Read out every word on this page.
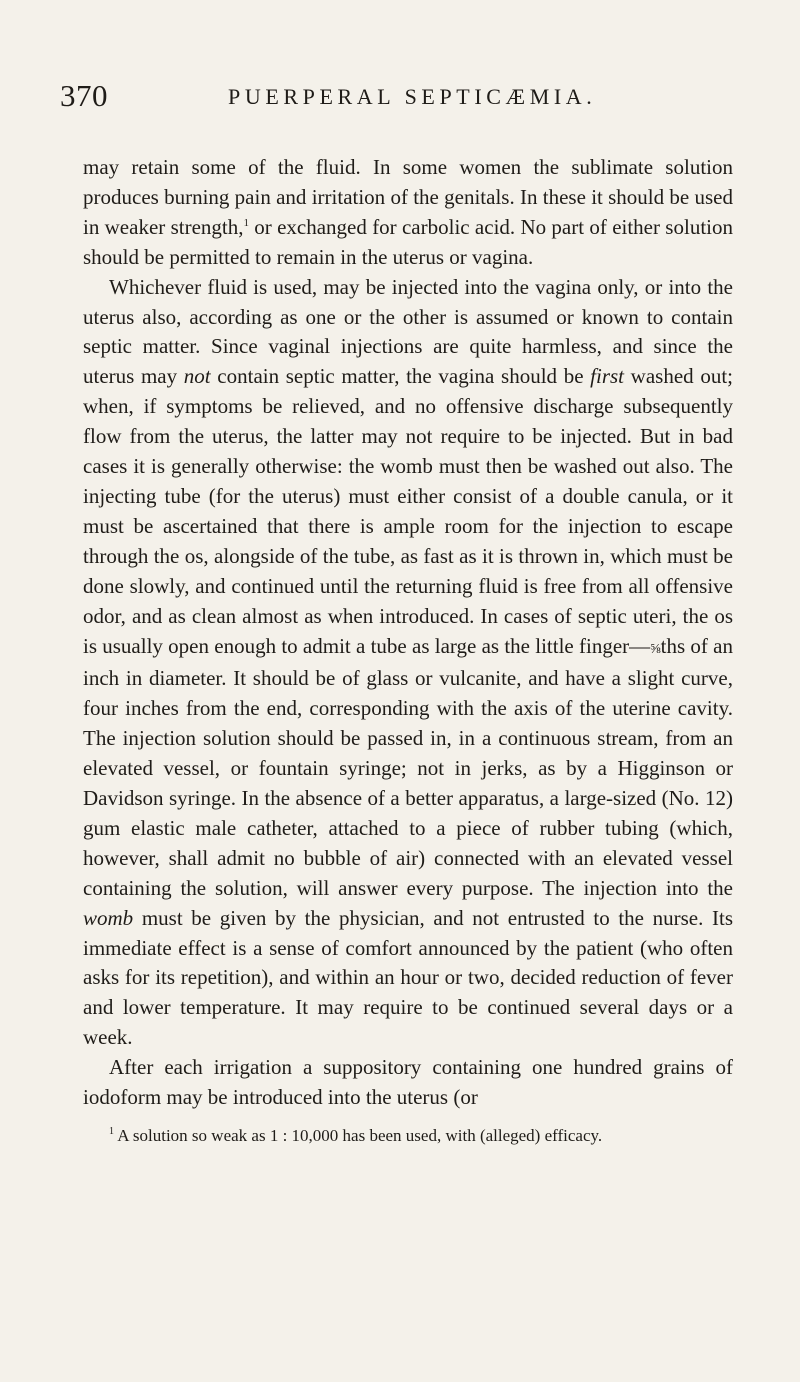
370	PUERPERAL SEPTICÆMIA.

may retain some of the fluid. In some women the sublimate solution produces burning pain and irritation of the genitals. In these it should be used in weaker strength,$^1$ or exchanged for carbolic acid. No part of either solution should be permitted to remain in the uterus or vagina.

Whichever fluid is used, may be injected into the vagina only, or into the uterus also, according as one or the other is assumed or known to contain septic matter. Since vaginal injections are quite harmless, and since the uterus may not contain septic matter, the vagina should be first washed out; when, if symptoms be relieved, and no offensive discharge subsequently flow from the uterus, the latter may not require to be injected. But in bad cases it is generally otherwise: the womb must then be washed out also. The injecting tube (for the uterus) must either consist of a double canula, or it must be ascertained that there is ample room for the injection to escape through the os, alongside of the tube, as fast as it is thrown in, which must be done slowly, and continued until the returning fluid is free from all offensive odor, and as clean almost as when introduced. In cases of septic uteri, the os is usually open enough to admit a tube as large as the little finger—⅝ths of an inch in diameter. It should be of glass or vulcanite, and have a slight curve, four inches from the end, corresponding with the axis of the uterine cavity. The injection solution should be passed in, in a continuous stream, from an elevated vessel, or fountain syringe; not in jerks, as by a Higginson or Davidson syringe. In the absence of a better apparatus, a large-sized (No. 12) gum elastic male catheter, attached to a piece of rubber tubing (which, however, shall admit no bubble of air) connected with an elevated vessel containing the solution, will answer every purpose. The injection into the womb must be given by the physician, and not entrusted to the nurse. Its immediate effect is a sense of comfort announced by the patient (who often asks for its repetition), and within an hour or two, decided reduction of fever and lower temperature. It may require to be continued several days or a week.

After each irrigation a suppository containing one hundred grains of iodoform may be introduced into the uterus (or

$^1$ A solution so weak as 1 : 10,000 has been used, with (alleged) efficacy.
